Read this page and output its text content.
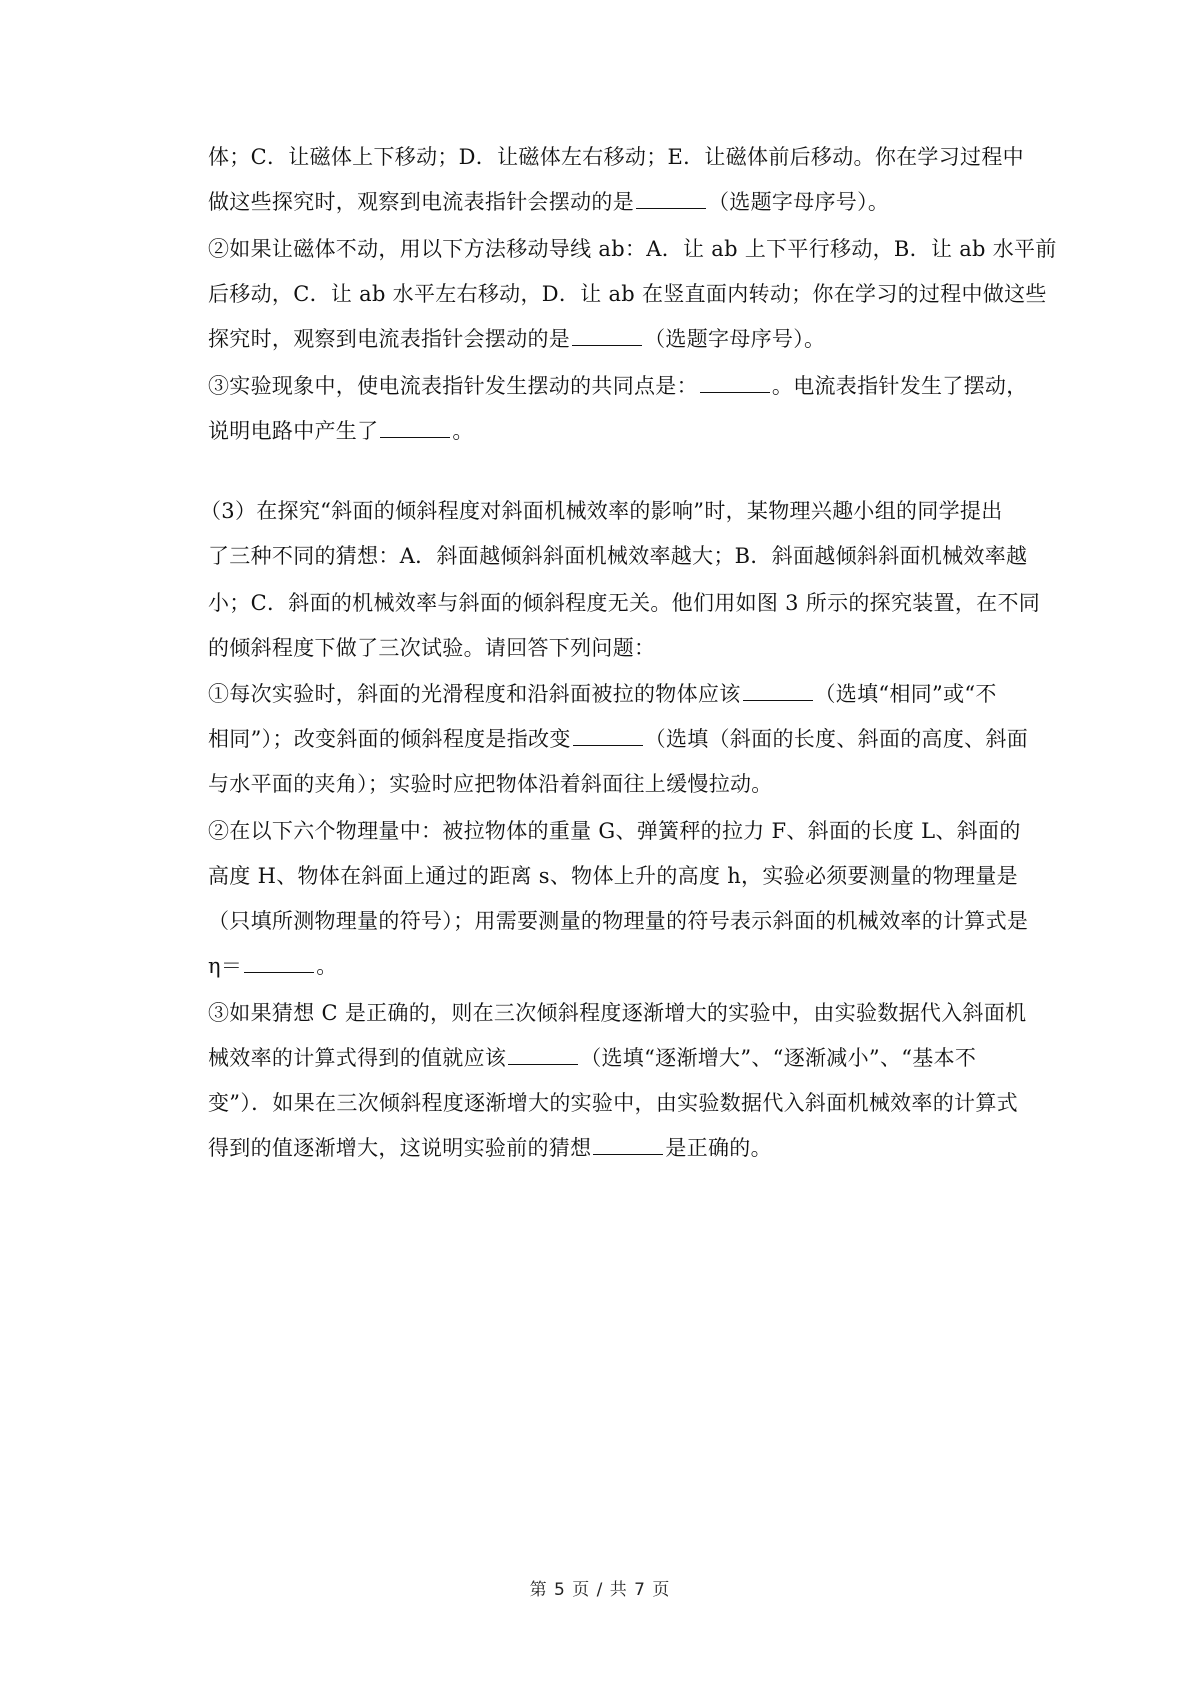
体；C．让磁体上下移动；D．让磁体左右移动；E．让磁体前后移动。你在学习过程中
做这些探究时，观察到电流表指针会摆动的是	（选题字母序号）。
②如果让磁体不动，用以下方法移动导线 ab：A．让 ab 上下平行移动，B．让 ab 水平前
后移动，C．让 ab 水平左右移动，D．让 ab 在竖直面内转动；你在学习的过程中做这些
探究时，观察到电流表指针会摆动的是	（选题字母序号）。
③实验现象中，使电流表指针发生摆动的共同点是：	。电流表指针发生了摆动，
说明电路中产生了	。
（3）在探究“斜面的倾斜程度对斜面机械效率的影响”时，某物理兴趣小组的同学提出
了三种不同的猜想：A．斜面越倾斜斜面机械效率越大；B．斜面越倾斜斜面机械效率越
小；C．斜面的机械效率与斜面的倾斜程度无关。他们用如图 3 所示的探究装置，在不同
的倾斜程度下做了三次试验。请回答下列问题：
①每次实验时，斜面的光滑程度和沿斜面被拉的物体应该	（选填“相同”或“不
相同”）；改变斜面的倾斜程度是指改变	（选填（斜面的长度、斜面的高度、斜面
与水平面的夹角）；实验时应把物体沿着斜面往上缓慢拉动。
②在以下六个物理量中：被拉物体的重量 G、弹簧秤的拉力 F、斜面的长度 L、斜面的
高度 H、物体在斜面上通过的距离 s、物体上升的高度 h，实验必须要测量的物理量是
（只填所测物理量的符号）；用需要测量的物理量的符号表示斜面的机械效率的计算式是
η＝	。
③如果猜想 C 是正确的，则在三次倾斜程度逐渐增大的实验中，由实验数据代入斜面机
械效率的计算式得到的值就应该	（选填“逐渐增大”、“逐渐减小”、“基本不
变”）．如果在三次倾斜程度逐渐增大的实验中，由实验数据代入斜面机械效率的计算式
得到的值逐渐增大，这说明实验前的猜想	是正确的。
第 5 页 / 共 7 页
